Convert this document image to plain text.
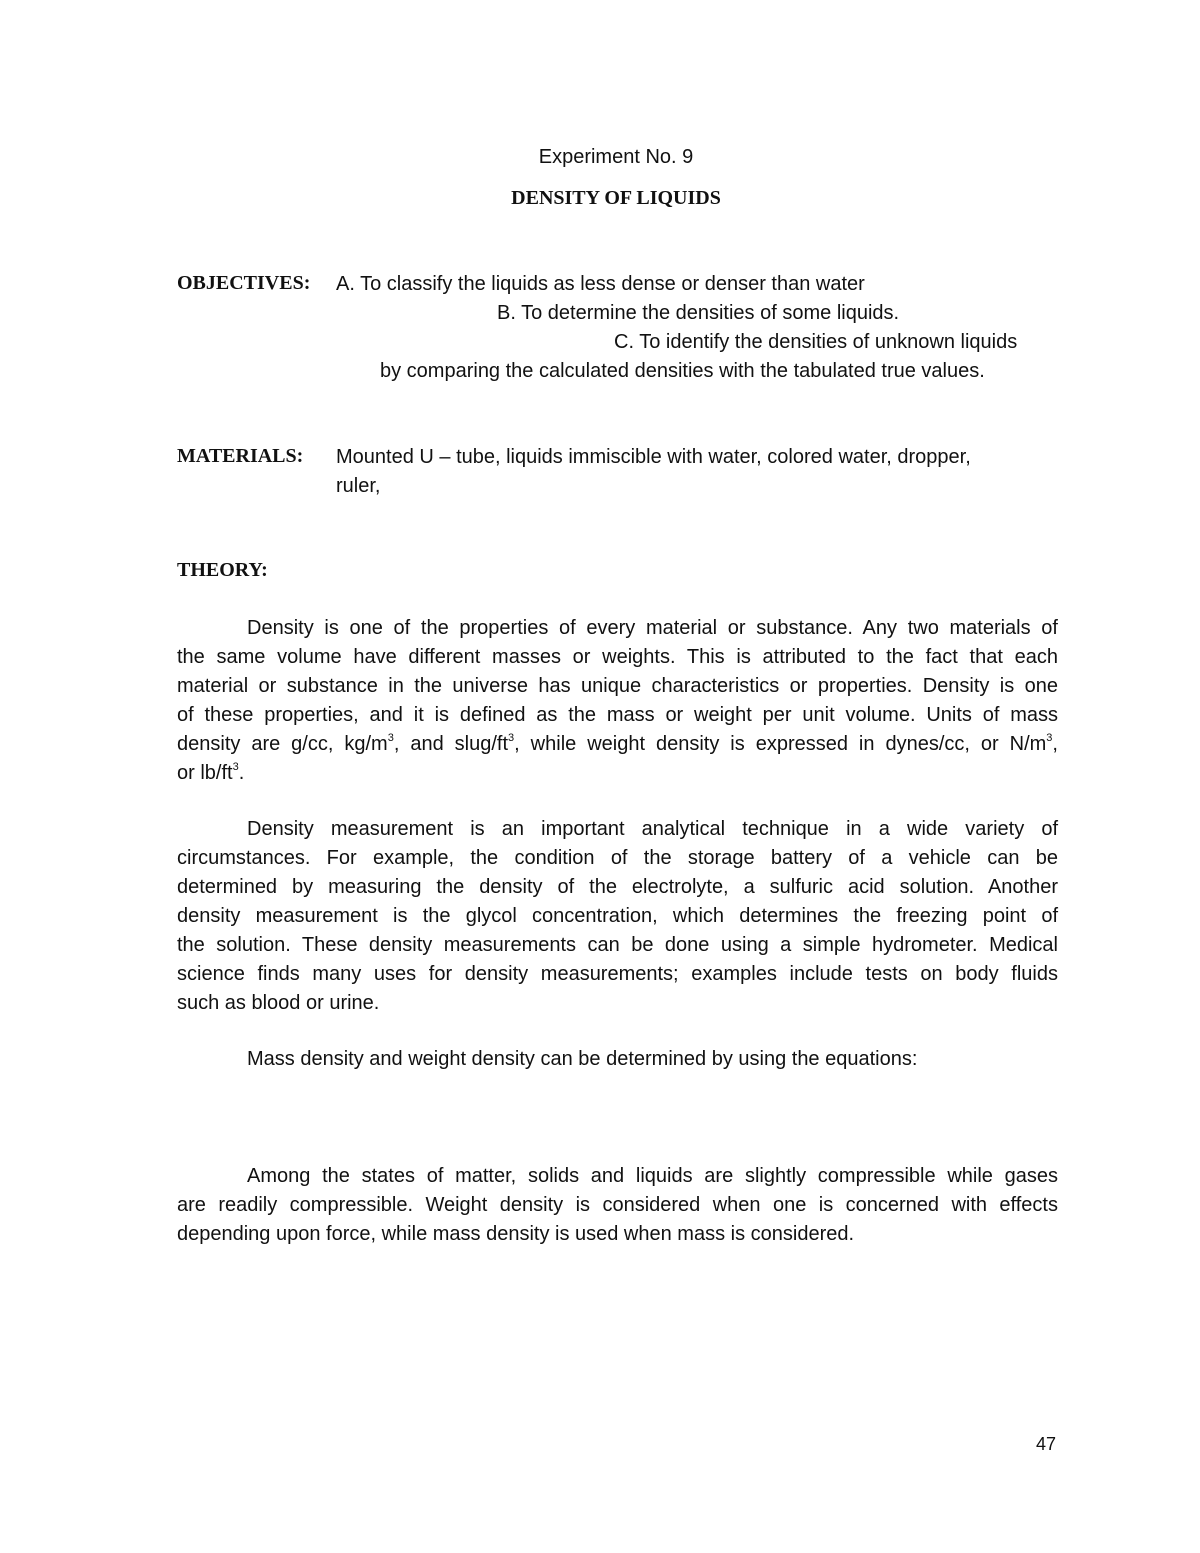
Experiment No. 9
DENSITY OF LIQUIDS
OBJECTIVES: A. To classify the liquids as less dense or denser than water
B. To determine the densities of some liquids.
C. To identify the densities of unknown liquids
by comparing the calculated densities with the tabulated true values.
MATERIALS: Mounted U – tube, liquids immiscible with water, colored water, dropper,
ruler,
THEORY:
Density is one of the properties of every material or substance. Any two materials of
the same volume have different masses or weights. This is attributed to the fact that each
material or substance in the universe has unique characteristics or properties. Density is one
of these properties, and it is defined as the mass or weight per unit volume. Units of mass
density are g/cc, $kg/m^3$, and slug/$ft^3$, while weight density is expressed in dynes/cc, or $N/m^3$,
or $lb/ft^3$.
Density measurement is an important analytical technique in a wide variety of
circumstances. For example, the condition of the storage battery of a vehicle can be
determined by measuring the density of the electrolyte, a sulfuric acid solution. Another
density measurement is the glycol concentration, which determines the freezing point of
the solution. These density measurements can be done using a simple hydrometer. Medical
science finds many uses for density measurements; examples include tests on body fluids
such as blood or urine.
Mass density and weight density can be determined by using the equations:
Among the states of matter, solids and liquids are slightly compressible while gases
are readily compressible. Weight density is considered when one is concerned with effects
depending upon force, while mass density is used when mass is considered.
47
